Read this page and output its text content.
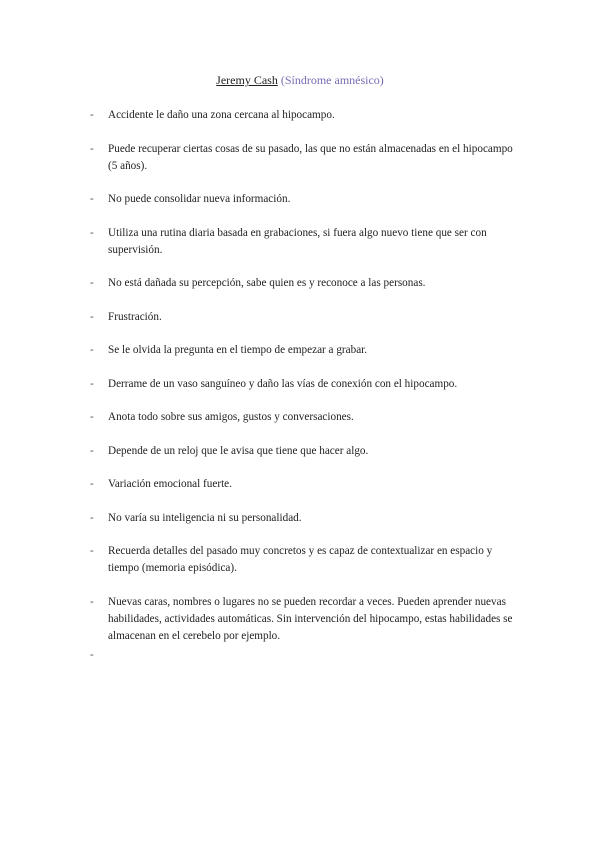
Jeremy Cash (Síndrome amnésico)
- Accidente le daño una zona cercana al hipocampo.
- Puede recuperar ciertas cosas de su pasado, las que no están almacenadas en el hipocampo (5 años).
- No puede consolidar nueva información.
- Utiliza una rutina diaria basada en grabaciones, si fuera algo nuevo tiene que ser con supervisión.
- No está dañada su percepción, sabe quien es y reconoce a las personas.
- Frustración.
- Se le olvida la pregunta en el tiempo de empezar a grabar.
- Derrame de un vaso sanguíneo y daño las vías de conexión con el hipocampo.
- Anota todo sobre sus amigos, gustos y conversaciones.
- Depende de un reloj que le avisa que tiene que hacer algo.
- Variación emocional fuerte.
- No varía su inteligencia ni su personalidad.
- Recuerda detalles del pasado muy concretos y es capaz de contextualizar en espacio y tiempo (memoria episódica).
- Nuevas caras, nombres o lugares no se pueden recordar a veces. Pueden aprender nuevas habilidades, actividades automáticas. Sin intervención del hipocampo, estas habilidades se almacenan en el cerebelo por ejemplo.
-
